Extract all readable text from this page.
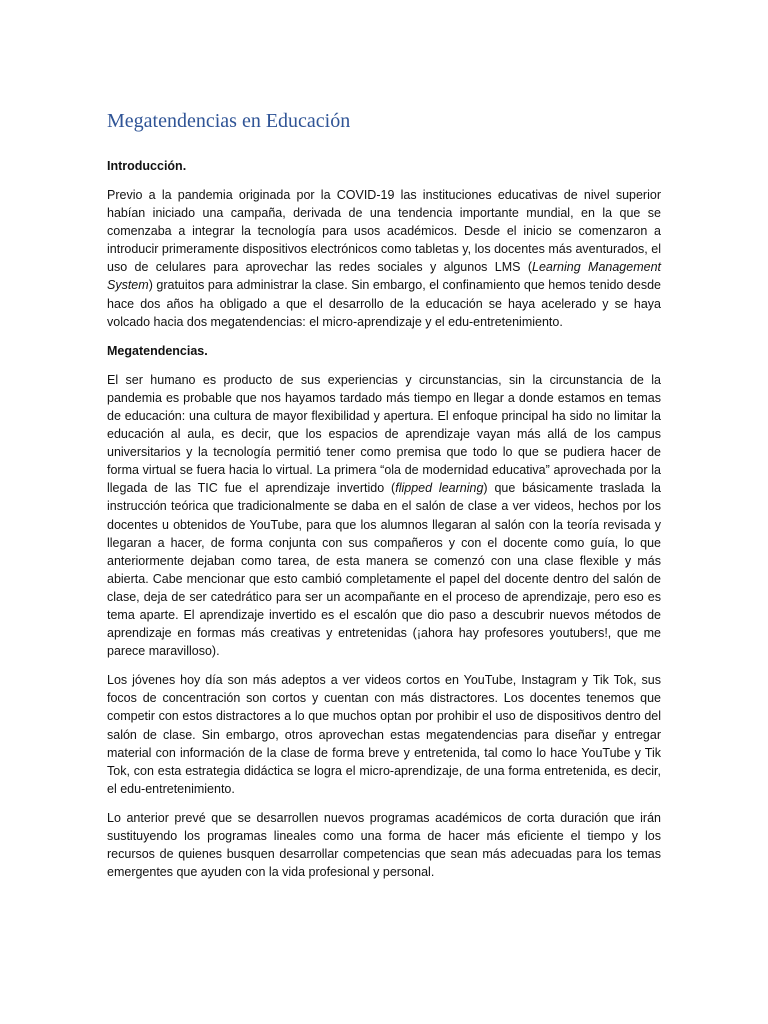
Megatendencias en Educación
Introducción.

Previo a la pandemia originada por la COVID-19 las instituciones educativas de nivel superior habían iniciado una campaña, derivada de una tendencia importante mundial, en la que se comenzaba a integrar la tecnología para usos académicos. Desde el inicio se comenzaron a introducir primeramente dispositivos electrónicos como tabletas y, los docentes más aventurados, el uso de celulares para aprovechar las redes sociales y algunos LMS (Learning Management System) gratuitos para administrar la clase. Sin embargo, el confinamiento que hemos tenido desde hace dos años ha obligado a que el desarrollo de la educación se haya acelerado y se haya volcado hacia dos megatendencias: el micro-aprendizaje y el edu-entretenimiento.

Megatendencias.

El ser humano es producto de sus experiencias y circunstancias, sin la circunstancia de la pandemia es probable que nos hayamos tardado más tiempo en llegar a donde estamos en temas de educación: una cultura de mayor flexibilidad y apertura. El enfoque principal ha sido no limitar la educación al aula, es decir, que los espacios de aprendizaje vayan más allá de los campus universitarios y la tecnología permitió tener como premisa que todo lo que se pudiera hacer de forma virtual se fuera hacia lo virtual. La primera “ola de modernidad educativa” aprovechada por la llegada de las TIC fue el aprendizaje invertido (flipped learning) que básicamente traslada la instrucción teórica que tradicionalmente se daba en el salón de clase a ver videos, hechos por los docentes u obtenidos de YouTube, para que los alumnos llegaran al salón con la teoría revisada y llegaran a hacer, de forma conjunta con sus compañeros y con el docente como guía, lo que anteriormente dejaban como tarea, de esta manera se comenzó con una clase flexible y más abierta. Cabe mencionar que esto cambió completamente el papel del docente dentro del salón de clase, deja de ser catedrático para ser un acompañante en el proceso de aprendizaje, pero eso es tema aparte. El aprendizaje invertido es el escalón que dio paso a descubrir nuevos métodos de aprendizaje en formas más creativas y entretenidas (¡ahora hay profesores youtubers!, que me parece maravilloso).

Los jóvenes hoy día son más adeptos a ver videos cortos en YouTube, Instagram y Tik Tok, sus focos de concentración son cortos y cuentan con más distractores. Los docentes tenemos que competir con estos distractores a lo que muchos optan por prohibir el uso de dispositivos dentro del salón de clase. Sin embargo, otros aprovechan estas megatendencias para diseñar y entregar material con información de la clase de forma breve y entretenida, tal como lo hace YouTube y Tik Tok, con esta estrategia didáctica se logra el micro-aprendizaje, de una forma entretenida, es decir, el edu-entretenimiento.

Lo anterior prevé que se desarrollen nuevos programas académicos de corta duración que irán sustituyendo los programas lineales como una forma de hacer más eficiente el tiempo y los recursos de quienes busquen desarrollar competencias que sean más adecuadas para los temas emergentes que ayuden con la vida profesional y personal.
